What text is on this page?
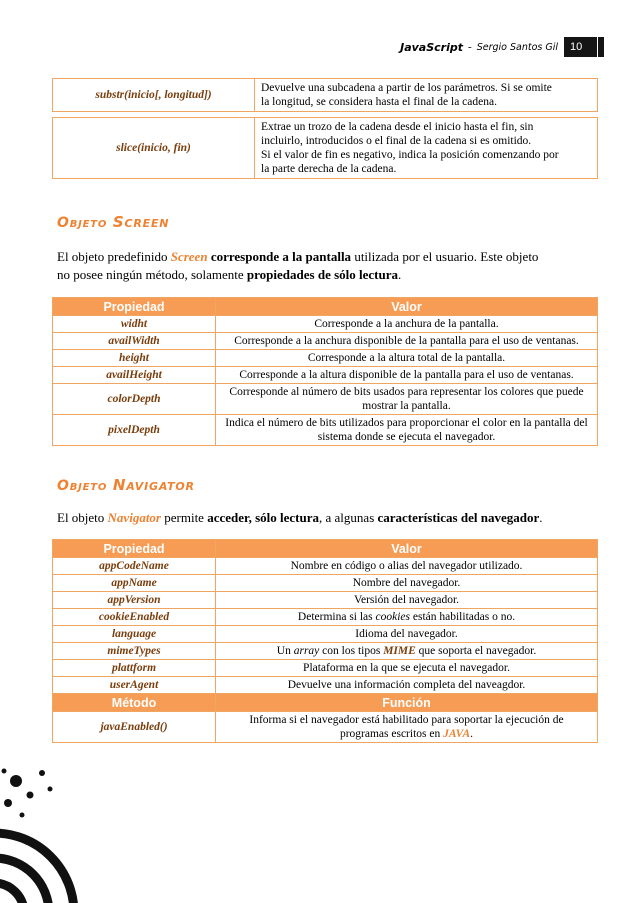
JavaScript - Sergio Santos Gil 10
substr(inicio[, longitud])	Devuelve una subcadena a partir de los parámetros. Si se omite
la longitud, se considera hasta el final de la cadena.

slice(inicio, fin)	Extrae un trozo de la cadena desde el inicio hasta el fin, sin
incluirlo, introducidos o el final de la cadena si es omitido.
Si el valor de fin es negativo, indica la posición comenzando por
la parte derecha de la cadena.
Objeto Screen
El objeto predefinido Screen corresponde a la pantalla utilizada por el usuario. Este objeto
no posee ningún método, solamente propiedades de sólo lectura.
Propiedad	Valor
widht	Corresponde a la anchura de la pantalla.
availWidth	Corresponde a la anchura disponible de la pantalla para el uso de ventanas.
height	Corresponde a la altura total de la pantalla.
availHeight	Corresponde a la altura disponible de la pantalla para el uso de ventanas.
colorDepth	Corresponde al número de bits usados para representar los colores que puede mostrar la pantalla.
pixelDepth	Indica el número de bits utilizados para proporcionar el color en la pantalla del sistema donde se ejecuta el navegador.
Objeto Navigator
El objeto Navigator permite acceder, sólo lectura, a algunas características del navegador.
Propiedad	Valor
appCodeName	Nombre en código o alias del navegador utilizado.
appName	Nombre del navegador.
appVersion	Versión del navegador.
cookieEnabled	Determina si las cookies están habilitadas o no.
language	Idioma del navegador.
mimeTypes	Un array con los tipos MIME que soporta el navegador.
plattform	Plataforma en la que se ejecuta el navegador.
userAgent	Devuelve una información completa del naveagdor.
Método	Función
javaEnabled()	Informa si el navegador está habilitado para soportar la ejecución de
programas escritos en JAVA.
